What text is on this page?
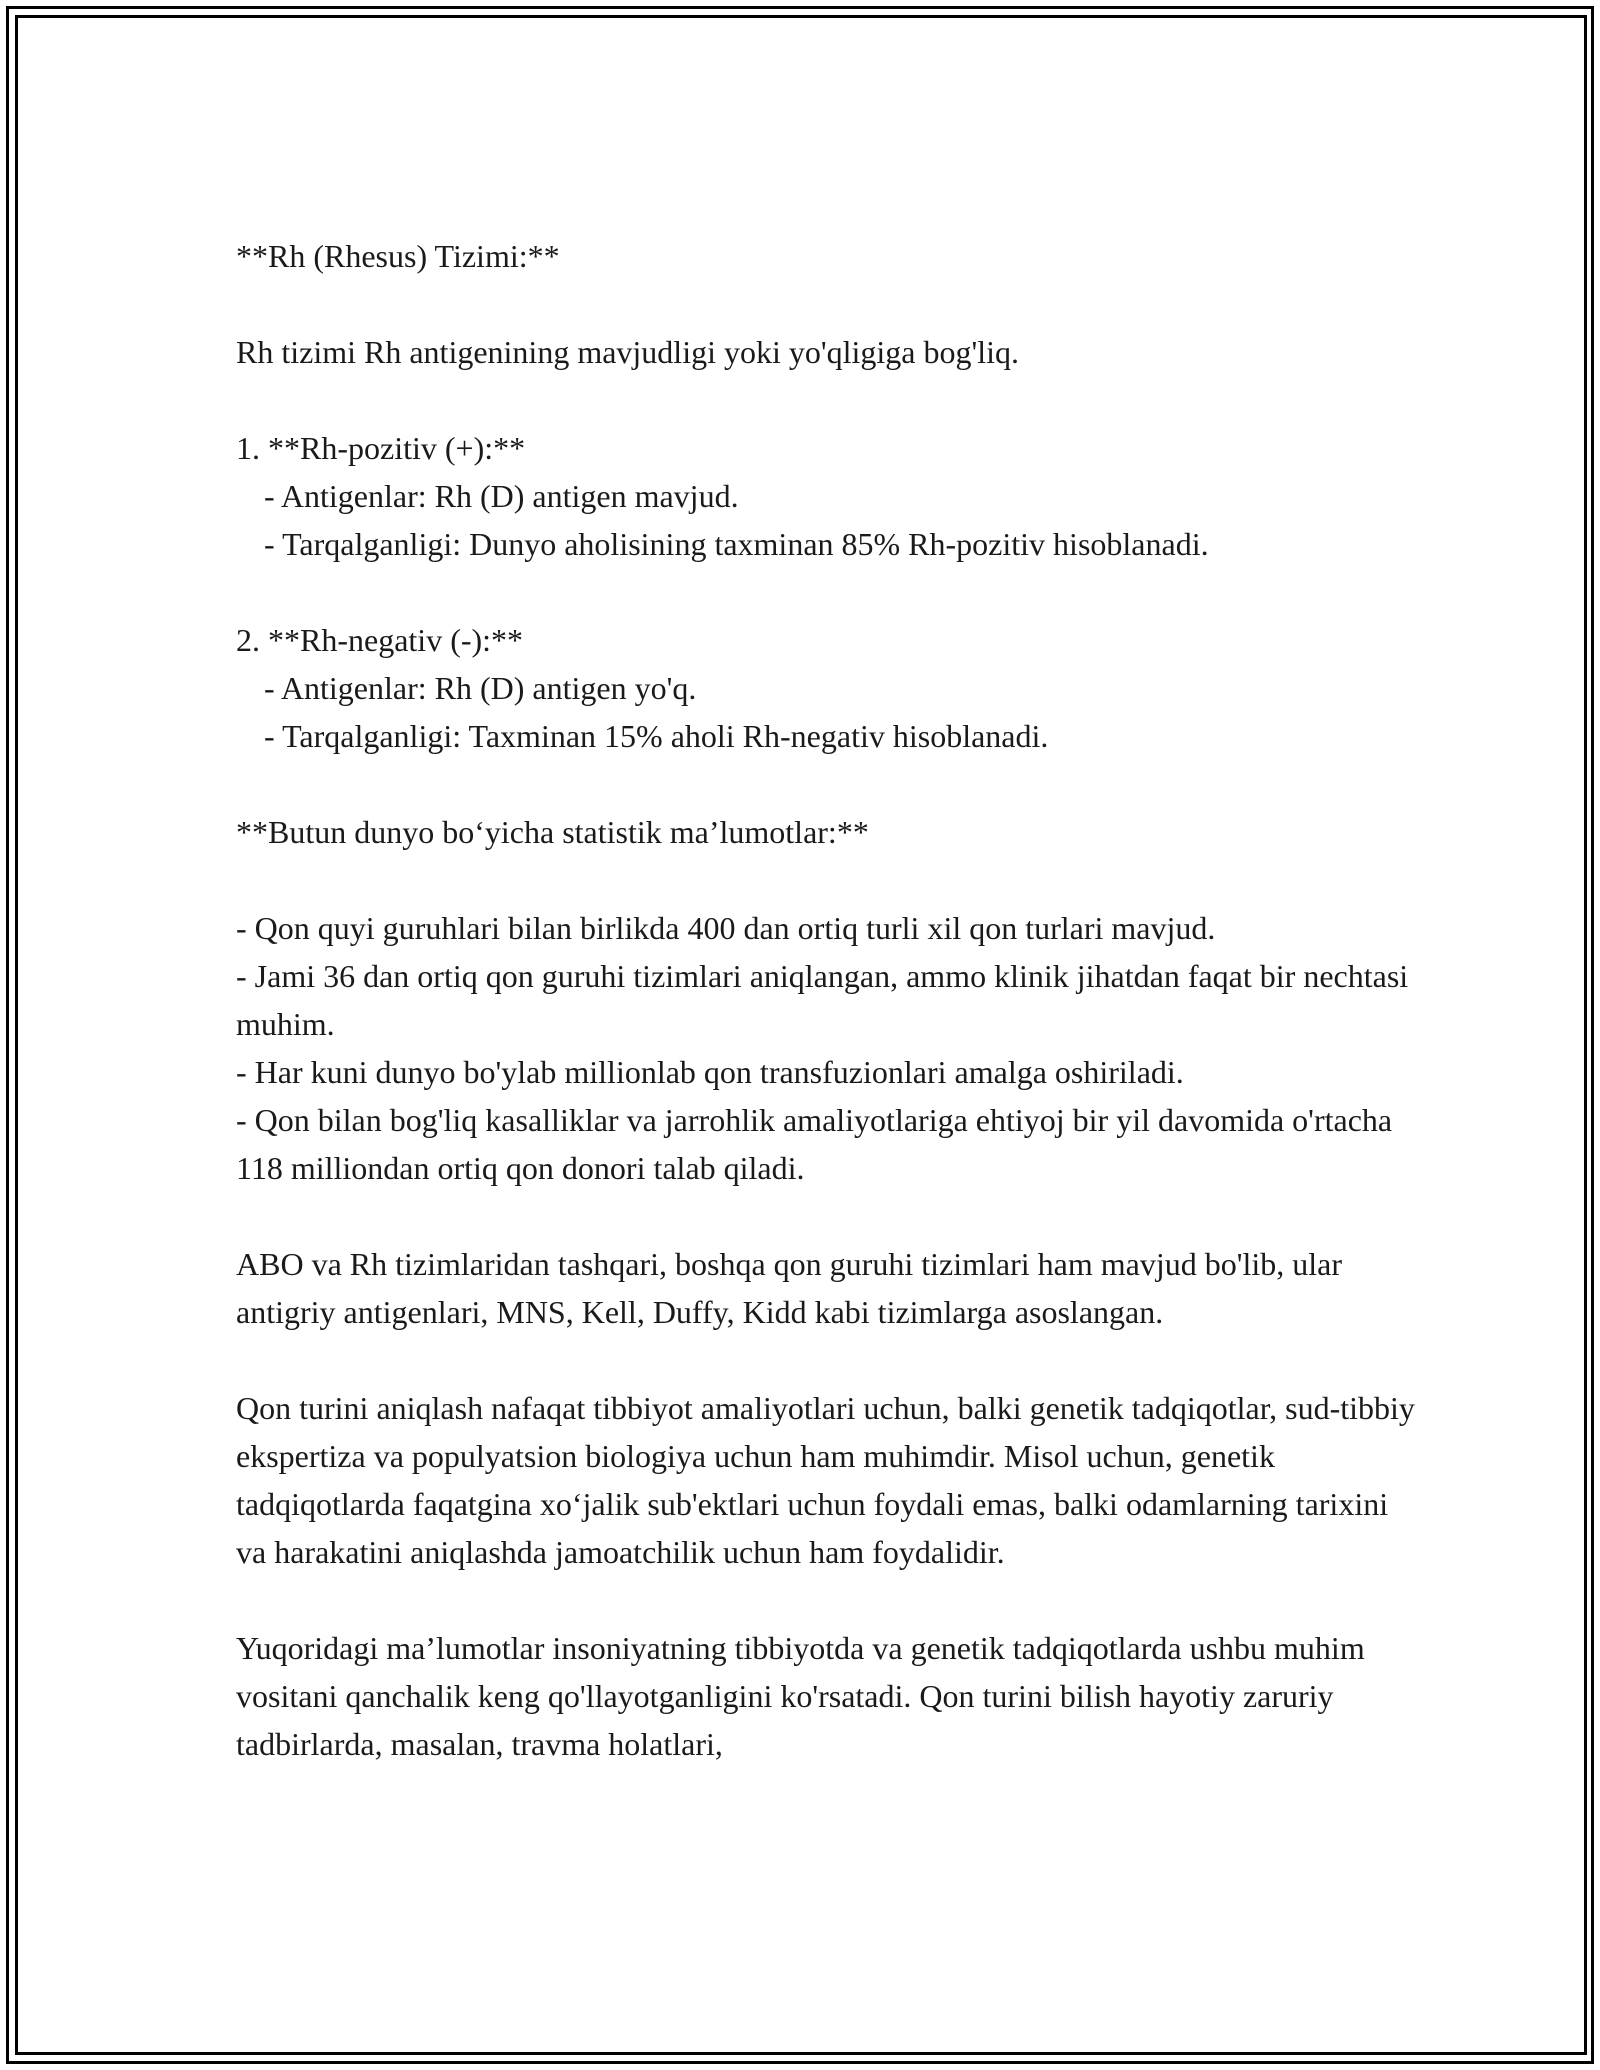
**Rh (Rhesus) Tizimi:**

Rh tizimi Rh antigenining mavjudligi yoki yo'qligiga bog'liq.

1. **Rh-pozitiv (+):**

- Antigenlar: Rh (D) antigen mavjud.

- Tarqalganligi: Dunyo aholisining taxminan 85% Rh-pozitiv hisoblanadi.

2. **Rh-negativ (-):**

- Antigenlar: Rh (D) antigen yo'q.

- Tarqalganligi: Taxminan 15% aholi Rh-negativ hisoblanadi.

**Butun dunyo bo‘yicha statistik ma’lumotlar:**

- Qon quyi guruhlari bilan birlikda 400 dan ortiq turli xil qon turlari mavjud.

- Jami 36 dan ortiq qon guruhi tizimlari aniqlangan, ammo klinik jihatdan faqat bir nechtasi muhim.

- Har kuni dunyo bo'ylab millionlab qon transfuzionlari amalga oshiriladi.

- Qon bilan bog'liq kasalliklar va jarrohlik amaliyotlariga ehtiyoj bir yil davomida o'rtacha 118 milliondan ortiq qon donori talab qiladi.

ABO va Rh tizimlaridan tashqari, boshqa qon guruhi tizimlari ham mavjud bo'lib, ular antigriy antigenlari, MNS, Kell, Duffy, Kidd kabi tizimlarga asoslangan.

Qon turini aniqlash nafaqat tibbiyot amaliyotlari uchun, balki genetik tadqiqotlar, sud-tibbiy ekspertiza va populyatsion biologiya uchun ham muhimdir. Misol uchun, genetik tadqiqotlarda faqatgina xo‘jalik sub'ektlari uchun foydali emas, balki odamlarning tarixini va harakatini aniqlashda jamoatchilik uchun ham foydalidir.

Yuqoridagi ma’lumotlar insoniyatning tibbiyotda va genetik tadqiqotlarda ushbu muhim vositani qanchalik keng qo'llayotganligini ko'rsatadi. Qon turini bilish hayotiy zaruriy tadbirlarda, masalan, travma holatlari,
